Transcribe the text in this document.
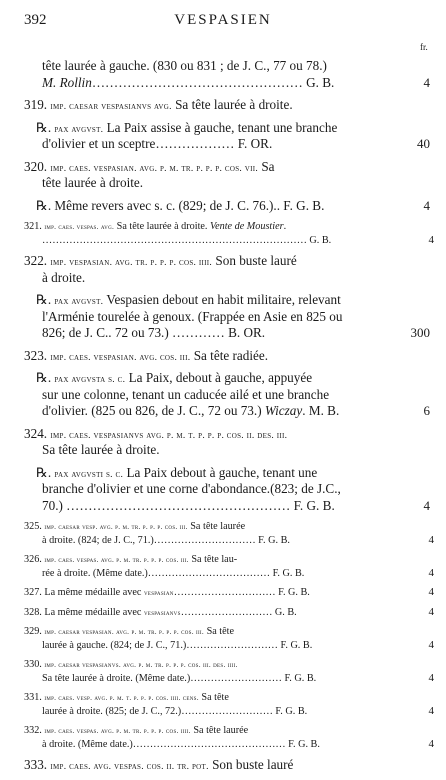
392	VESPASIEN
fr.
tête laurée à gauche. (830 ou 831 ; de J. C., 77 ou 78.)
M. Rollin………………………………………… G. B.	4
319. imp. caesar vespasianvs avg. Sa tête laurée à droite.
℞. pax avgvst. La Paix assise à gauche, tenant une branche
d'olivier et un sceptre……………… F. OR.	40
320. imp. caes. vespasian. avg. p. m. tr. p. p. p. cos. vii. Sa
tête laurée à droite.
℞. Même revers avec s. c. (829; de J. C. 76.).. F. G. B.	4
321. imp. caes. vespas. avg. Sa tête laurée à droite. Vente de Moustier.
…………………………………………………………………… G. B.	4
322. imp. vespasian. avg. tr. p. p. p. cos. iiii. Son buste lauré
à droite.
℞. pax avgvst. Vespasien debout en habit militaire, relevant
l'Arménie tourelée à genoux. (Frappée en Asie en 825 ou
826; de J. C.. 72 ou 73.) ………… B. OR.	300
323. imp. caes. vespasian. avg. cos. iii. Sa tête radiée.
℞. pax avgvsta s. c. La Paix, debout à gauche, appuyée
sur une colonne, tenant un caducée ailé et une branche
d'olivier. (825 ou 826, de J. C., 72 ou 73.) Wiczay. M. B.	6
324. imp. caes. vespasianvs avg. p. m. t. p. p. p. cos. ii. des. iii.
Sa tête laurée à droite.
℞. pax avgvsti s. c. La Paix debout à gauche, tenant une
branche d'olivier et une corne d'abondance.(823; de J.C.,
70.) …………………………………………… F. G. B.	4
325. imp. caesar vesp. avg. p. m. tr. p. p. p. cos. iii. Sa tête laurée
à droite. (824; de J. C., 71.)………………………… F. G. B.	4
326. imp. caes. vespas. avg. p. m. tr. p. p. p. cos. iii. Sa tête lau-
rée à droite. (Même date.)……………………………… F. G. B.	4
327. La même médaille avec vespasian………………………… F. G. B.	4
328. La même médaille avec vespasianvs……………………… G. B.	4
329. imp. caesar vespasian. avg. p. m. tr. p. p. p. cos. iii. Sa tête
laurée à gauche. (824; de J. C., 71.)……………………… F. G. B.	4
330. imp. caesar vespasianvs. avg. p. m. tr. p. p. p. cos. iii. des. iiii.
Sa tête laurée à droite. (Même date.)……………………… F. G. B.	4
331. imp. caes. vesp. avg. p. m. t. p. p. p. cos. iiii. cens. Sa tête
laurée à droite. (825; de J. C., 72.)……………………… F. G. B.	4
332. imp. caes. vespas. avg. p. m. tr. p. p. p. cos. iiii. Sa tête laurée
à droite. (Même date.)……………………………………… F. G. B.	4
333. imp. caes. avg. vespas. cos. ii. tr. pot. Son buste lauré
